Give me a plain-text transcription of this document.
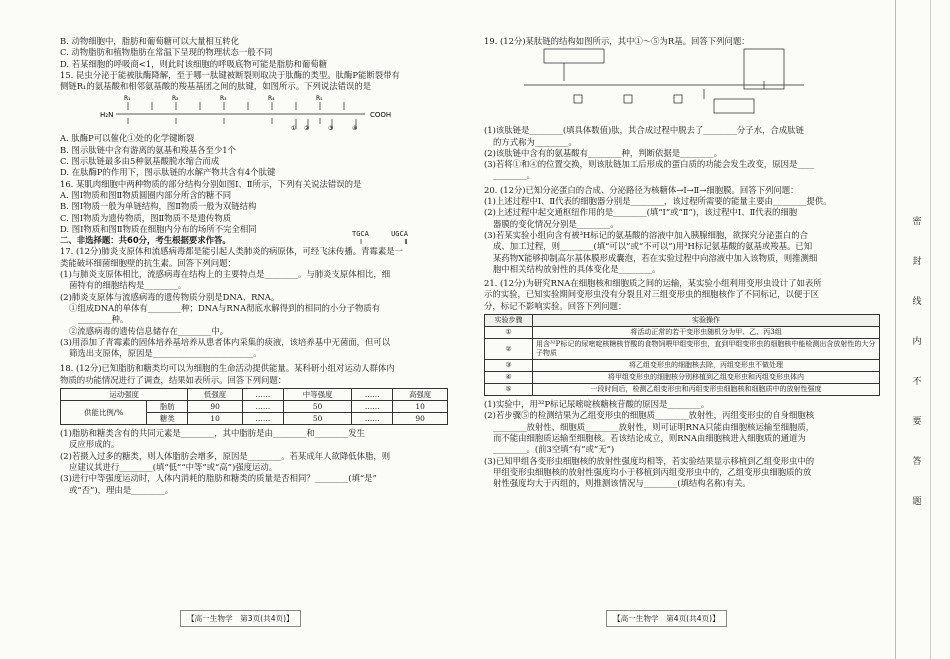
B. 动物细胞中，脂肪和葡萄糖可以大量相互转化
C. 动物脂肪和植物脂肪在常温下呈现的物理状态一般不同
D. 若某细胞的呼吸商<1，则此时该细胞的呼吸底物可能是脂肪和葡萄糖
15. 昆虫分泌于能被肽酶降解，至于哪一肽键被断裂则取决于肽酶的类型。肽酶P能断裂带有
侧链R₁的氨基酸和相邻氨基酸的羧基基团之间的肽键，如图所示。下列说法错误的是
H₂N	COOH
R₁	R₂	R₃	R₄	R₅
① ②	③	④
A. 肽酶P可以催化①处的化学键断裂
B. 图示肽链中含有游离的氨基和羧基各至少1个
C. 图示肽链最多由5种氨基酸脱水缩合而成
D. 在肽酶P的作用下，图示肽链的水解产物共含有4个肽键
16. 某肌肉细胞中两种物质的部分结构分别如图Ⅰ、Ⅱ所示，下列有关说法错误的是
A. 图Ⅰ物质和图Ⅱ物质圆圈内部分所含的糖不同
B. 图Ⅰ物质一般为单链结构，图Ⅱ物质一般为双链结构
C. 图Ⅰ物质为遗传物质，图Ⅱ物质不是遗传物质
D. 图Ⅰ物质和图Ⅱ物质在细胞内分布的场所不完全相同
二、非选择题：共60分，考生根据要求作答。
17. (12分)肺炎支原体和流感病毒都是能引起人类肺炎的病原体，可经飞沫传播。青霉素是一
类能破坏细菌细胞壁的抗生素。回答下列问题：
(1)与肺炎支原体相比，流感病毒在结构上的主要特点是________。与肺炎支原体相比，细
菌特有的细胞结构是________。
(2)肺炎支原体与流感病毒的遗传物质分别是DNA、RNA。
①组成DNA的单体有________种；DNA与RNA彻底水解得到的相同的小分子物质有
________种。
②流感病毒的遗传信息储存在________中。
(3)用添加了青霉素的固体培养基培养从患者体内采集的痰液，该培养基中无菌面，但可以
筛选出支原体，原因是________________________。
18. (12分)已知脂肪和糖类均可以为细胞的生命活动提供能量。某科研小组对运动人群体内
物质的功能情况进行了调查，结果如表所示。回答下列问题：
运动强度		低强度	……	中等强度	……	高强度
供能比例/%	脂肪	90	……	50	……	10
	糖类	10	……	50	……	90
(1)脂肪和糖类含有的共同元素是________，其中脂肪是由________和________发生
反应形成的。
(2)若摄入过多的糖类，则人体脂肪会增多，原因是________。若某成年人欲降低体脂，则
应建议其进行________(填“低”“中等”或“高”)强度运动。
(3)进行中等强度运动时，人体内消耗的脂肪和糖类的质量是否相同？________(填“是”
或“否”)，理由是________。
TGCA	UGCA
Ⅰ	Ⅱ
19. (12分)某肽链的结构如图所示，其中①～⑤为R基。回答下列问题：
(1)该肽链是________(填具体数值)肽，其合成过程中脱去了________分子水，合成肽链
的方式称为________。
(2)该肽链中含有的氨基酸有________种，判断依据是________。
(3)若将①和④的位置交换，则该肽链加工后形成的蛋白质的功能会发生改变，原因是____
________。
20. (12分)已知分泌蛋白的合成、分泌路径为核糖体→Ⅰ→Ⅱ→细胞膜。回答下列问题：
(1)上述过程中Ⅰ、Ⅱ代表的细胞器分别是________，该过程所需要的能量主要由________提供。
(2)上述过程中起交通枢纽作用的是________(填“Ⅰ”或“Ⅱ”)，该过程中Ⅰ、Ⅱ代表的细胞
器膜的变化情况分别是________。
(3)若某实验小组向含有被³H标记的氨基酸的溶液中加入胰腺细胞，欲探究分泌蛋白的合
成、加工过程，则________(填“可以”或“不可以”)用³H标记氨基酸的氨基或羧基。已知
某药物X能够抑制高尔基体膜形成囊泡，若在实验过程中向溶液中加入该物质，则推测细
胞中相关结构放射性的具体变化是________。
21. (12分)为研究RNA在细胞核和细胞质之间的运输，某实验小组利用变形虫设计了如表所
示的实验，已知实验期间变形虫没有分裂且对三组变形虫的细胞核作了不同标记，以便于区
分，标记不影响实验。回答下列问题：
实验步骤	实验操作
①	将活动正常的若干变形虫随机分为甲、乙、丙3组
②	用含³²P标记的尿嘧啶核糖核苷酸的食物饲喂甲组变形虫，直到甲组变形虫的细胞核中能检测出含放射性的大分子物质
③	将乙组变形虫的细胞核去除，丙组变形虫不做处理
④	将甲组变形虫的细胞核分别移植到乙组变形虫和丙组变形虫体内
⑤	一段时间后，检测乙组变形虫和丙组变形虫细胞核和细胞质中的放射性强度
(1)实验中，用³²P标记尿嘧啶核糖核苷酸的原因是________。
(2)若步骤⑤的检测结果为乙组变形虫的细胞质________放射性，丙组变形虫的自身细胞核
________放射性、细胞质________放射性，则可证明RNA只能由细胞核运输至细胞质，
而不能由细胞质运输至细胞核。若该结论成立，则RNA由细胞核进入细胞质的通道为
________。(前3空填“有”或“无”)
(3)已知甲组各变形虫细胞核的放射性强度均相等，若实验结果显示移植到乙组变形虫中的
甲组变形虫细胞核的放射性强度均小于移植到丙组变形虫中的，乙组变形虫细胞质的放
射性强度均大于丙组的，则推测该情况与________(填结构名称)有关。
【高一生物学　第3页(共4页)】	【高一生物学　第4页(共4页)】
密
封
线
内
不
要
答
题
